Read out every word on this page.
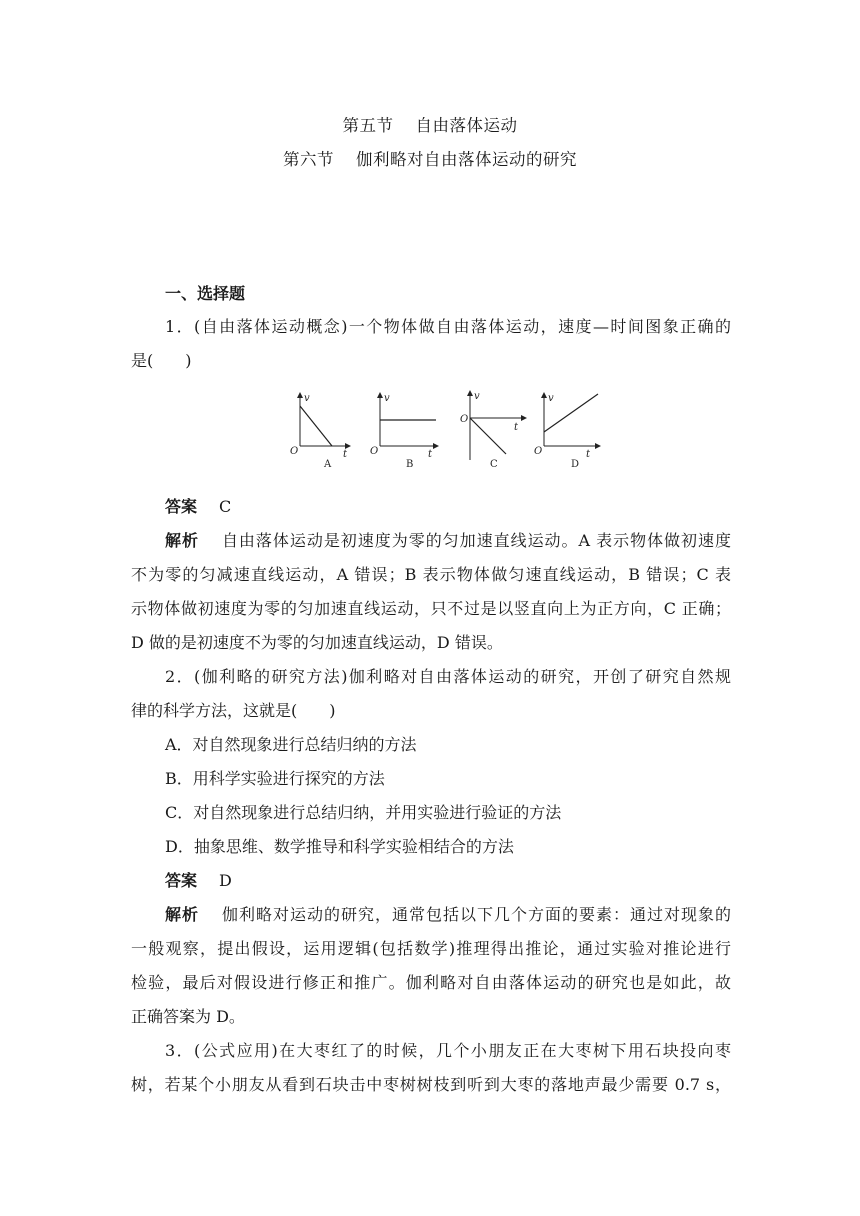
第五节 自由落体运动
第六节 伽利略对自由落体运动的研究
一、选择题
1．(自由落体运动概念)一个物体做自由落体运动，速度—时间图象正确的
是(　　)
v
t
O
A
v
t
O
B
v
t
O
C
v
t
O
D
答案 C
解析 自由落体运动是初速度为零的匀加速直线运动。A 表示物体做初速度
不为零的匀减速直线运动，A 错误；B 表示物体做匀速直线运动，B 错误；C 表
示物体做初速度为零的匀加速直线运动，只不过是以竖直向上为正方向，C 正确；
D 做的是初速度不为零的匀加速直线运动，D 错误。
2．(伽利略的研究方法)伽利略对自由落体运动的研究，开创了研究自然规
律的科学方法，这就是(　　)
A．对自然现象进行总结归纳的方法
B．用科学实验进行探究的方法
C．对自然现象进行总结归纳，并用实验进行验证的方法
D．抽象思维、数学推导和科学实验相结合的方法
答案 D
解析 伽利略对运动的研究，通常包括以下几个方面的要素：通过对现象的
一般观察，提出假设，运用逻辑(包括数学)推理得出推论，通过实验对推论进行
检验，最后对假设进行修正和推广。伽利略对自由落体运动的研究也是如此，故
正确答案为 D。
3．(公式应用)在大枣红了的时候，几个小朋友正在大枣树下用石块投向枣
树，若某个小朋友从看到石块击中枣树树枝到听到大枣的落地声最少需要 0.7 s，
